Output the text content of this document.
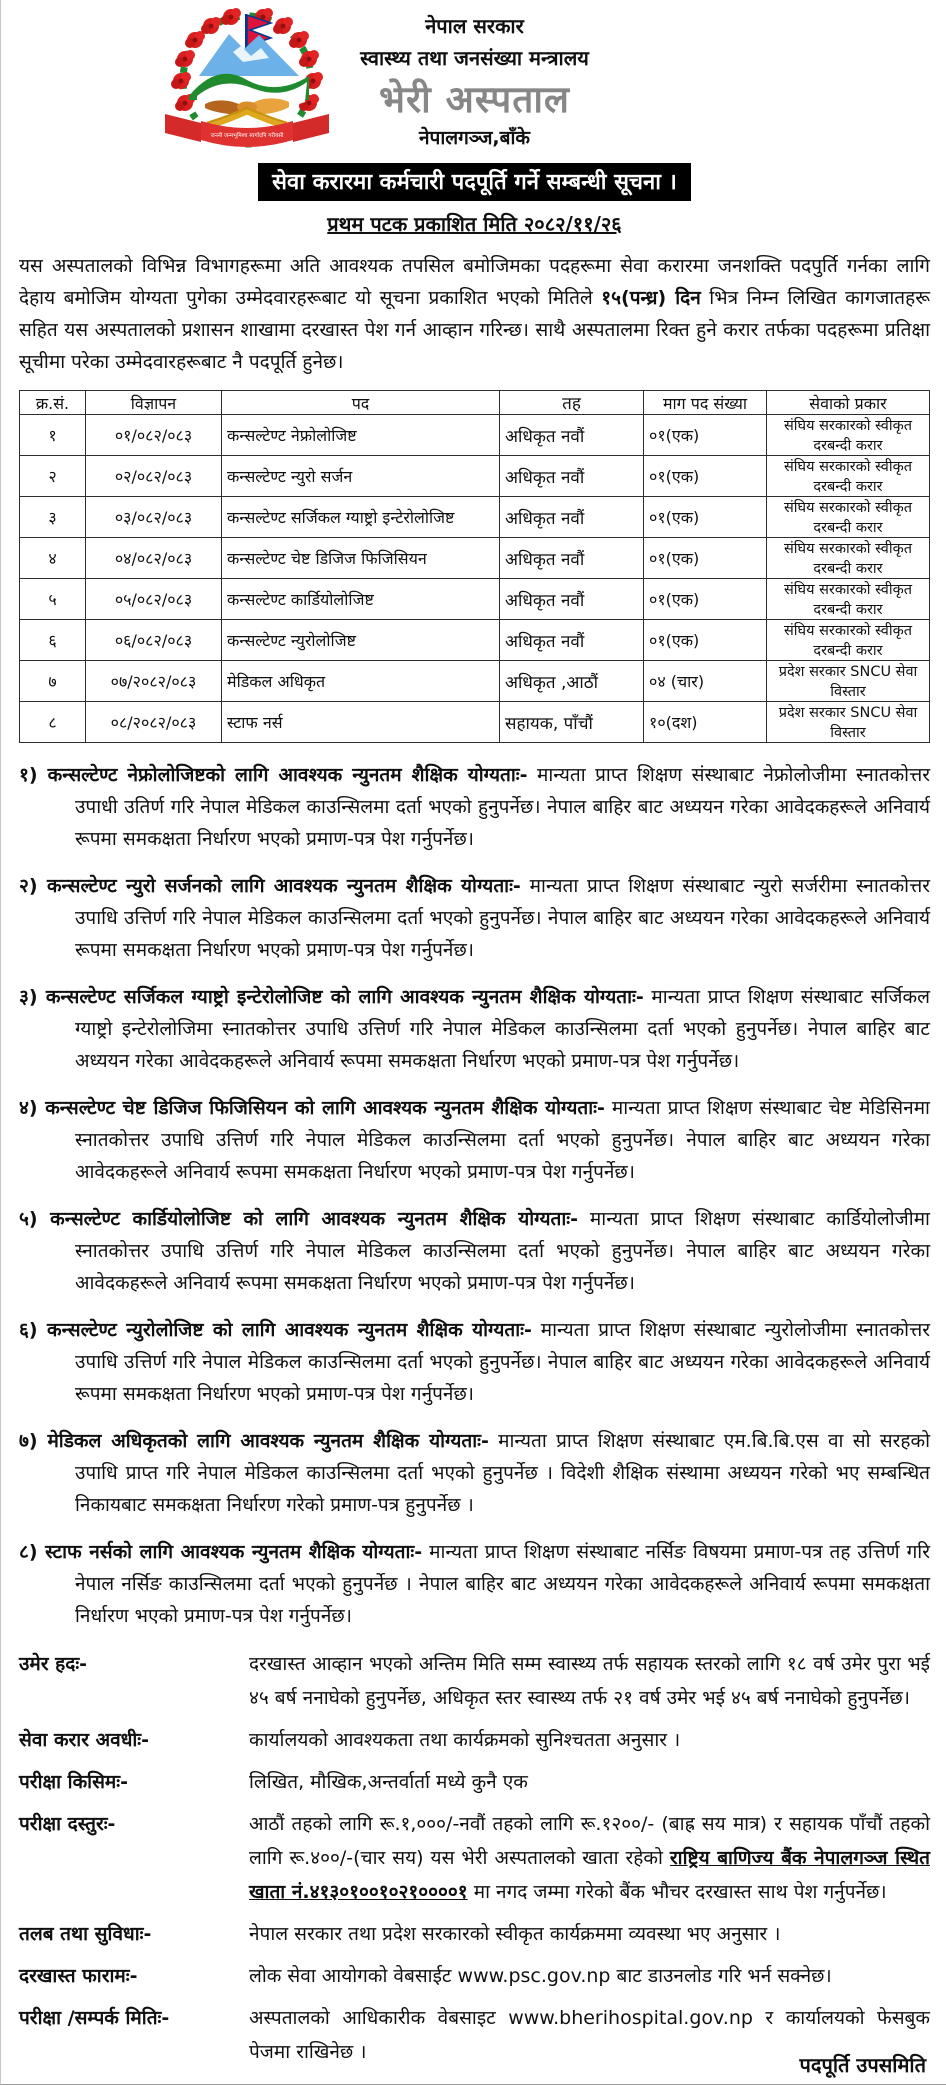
जननी जन्मभूमिश्च स्वर्गादपि गरीयसी
नेपाल सरकार
स्वास्थ्य तथा जनसंख्या मन्त्रालय
भेरी अस्पताल
नेपालगञ्ज,बाँके
सेवा करारमा कर्मचारी पदपूर्ति गर्ने सम्बन्धी सूचना ।
प्रथम पटक प्रकाशित मिति २०८२/११/२६

यस अस्पतालको विभिन्न विभागहरूमा अति आवश्यक तपसिल बमोजिमका पदहरूमा सेवा करारमा जनशक्ति पदपुर्ति गर्नका लागि देहाय बमोजिम योग्यता पुगेका उम्मेदवारहरूबाट यो सूचना प्रकाशित भएको मितिले १५(पन्ध्र) दिन भित्र निम्न लिखित कागजातहरू सहित यस अस्पतालको प्रशासन शाखामा दरखास्त पेश गर्न आव्हान गरिन्छ। साथै अस्पतालमा रिक्त हुने करार तर्फका पदहरूमा प्रतिक्षा सूचीमा परेका उम्मेदवारहरूबाट नै पदपूर्ति हुनेछ।

क्र.सं.	विज्ञापन	पद	तह	माग पद संख्या	सेवाको प्रकार
१	०१/०८२/०८३	कन्सल्टेण्ट नेफ्रोलोजिष्ट	अधिकृत नवौं	०१(एक)	संघिय सरकारको स्वीकृत दरबन्दी करार
२	०२/०८२/०८३	कन्सल्टेण्ट न्युरो सर्जन	अधिकृत नवौं	०१(एक)	संघिय सरकारको स्वीकृत दरबन्दी करार
३	०३/०८२/०८३	कन्सल्टेण्ट सर्जिकल ग्याष्ट्रो इन्टेरोलोजिष्ट	अधिकृत नवौं	०१(एक)	संघिय सरकारको स्वीकृत दरबन्दी करार
४	०४/०८२/०८३	कन्सल्टेण्ट चेष्ट डिजिज फिजिसियन	अधिकृत नवौं	०१(एक)	संघिय सरकारको स्वीकृत दरबन्दी करार
५	०५/०८२/०८३	कन्सल्टेण्ट कार्डियोलोजिष्ट	अधिकृत नवौं	०१(एक)	संघिय सरकारको स्वीकृत दरबन्दी करार
६	०६/०८२/०८३	कन्सल्टेण्ट न्युरोलोजिष्ट	अधिकृत नवौं	०१(एक)	संघिय सरकारको स्वीकृत दरबन्दी करार
७	०७/२०८२/०८३	मेडिकल अधिकृत	अधिकृत ,आठौं	०४ (चार)	प्रदेश सरकार SNCU सेवा विस्तार
८	०८/२०८२/०८३	स्टाफ नर्स	सहायक, पाँचौं	१०(दश)	प्रदेश सरकार SNCU सेवा विस्तार

१) कन्सल्टेण्ट नेफ्रोलोजिष्टको लागि आवश्यक न्युनतम शैक्षिक योग्यताः- मान्यता प्राप्त शिक्षण संस्थाबाट नेफ्रोलोजीमा स्नातकोत्तर उपाधी उतिर्ण गरि नेपाल मेडिकल काउन्सिलमा दर्ता भएको हुनुपर्नेछ। नेपाल बाहिर बाट अध्ययन गरेका आवेदकहरूले अनिवार्य रूपमा समकक्षता निर्धारण भएको प्रमाण-पत्र पेश गर्नुपर्नेछ।

२) कन्सल्टेण्ट न्युरो सर्जनको लागि आवश्यक न्युनतम शैक्षिक योग्यताः- मान्यता प्राप्त शिक्षण संस्थाबाट न्युरो सर्जरीमा स्नातकोत्तर उपाधि उत्तिर्ण गरि नेपाल मेडिकल काउन्सिलमा दर्ता भएको हुनुपर्नेछ। नेपाल बाहिर बाट अध्ययन गरेका आवेदकहरूले अनिवार्य रूपमा समकक्षता निर्धारण भएको प्रमाण-पत्र पेश गर्नुपर्नेछ।

३) कन्सल्टेण्ट सर्जिकल ग्याष्ट्रो इन्टेरोलोजिष्ट को लागि आवश्यक न्युनतम शैक्षिक योग्यताः- मान्यता प्राप्त शिक्षण संस्थाबाट सर्जिकल ग्याष्ट्रो इन्टेरोलोजिमा स्नातकोत्तर उपाधि उत्तिर्ण गरि नेपाल मेडिकल काउन्सिलमा दर्ता भएको हुनुपर्नेछ। नेपाल बाहिर बाट अध्ययन गरेका आवेदकहरूले अनिवार्य रूपमा समकक्षता निर्धारण भएको प्रमाण-पत्र पेश गर्नुपर्नेछ।

४) कन्सल्टेण्ट चेष्ट डिजिज फिजिसियन को लागि आवश्यक न्युनतम शैक्षिक योग्यताः- मान्यता प्राप्त शिक्षण संस्थाबाट चेष्ट मेडिसिनमा स्नातकोत्तर उपाधि उत्तिर्ण गरि नेपाल मेडिकल काउन्सिलमा दर्ता भएको हुनुपर्नेछ। नेपाल बाहिर बाट अध्ययन गरेका आवेदकहरूले अनिवार्य रूपमा समकक्षता निर्धारण भएको प्रमाण-पत्र पेश गर्नुपर्नेछ।

५) कन्सल्टेण्ट कार्डियोलोजिष्ट को लागि आवश्यक न्युनतम शैक्षिक योग्यताः- मान्यता प्राप्त शिक्षण संस्थाबाट कार्डियोलोजीमा स्नातकोत्तर उपाधि उत्तिर्ण गरि नेपाल मेडिकल काउन्सिलमा दर्ता भएको हुनुपर्नेछ। नेपाल बाहिर बाट अध्ययन गरेका आवेदकहरूले अनिवार्य रूपमा समकक्षता निर्धारण भएको प्रमाण-पत्र पेश गर्नुपर्नेछ।

६) कन्सल्टेण्ट न्युरोलोजिष्ट को लागि आवश्यक न्युनतम शैक्षिक योग्यताः- मान्यता प्राप्त शिक्षण संस्थाबाट न्युरोलोजीमा स्नातकोत्तर उपाधि उत्तिर्ण गरि नेपाल मेडिकल काउन्सिलमा दर्ता भएको हुनुपर्नेछ। नेपाल बाहिर बाट अध्ययन गरेका आवेदकहरूले अनिवार्य रूपमा समकक्षता निर्धारण भएको प्रमाण-पत्र पेश गर्नुपर्नेछ।

७) मेडिकल अधिकृतको लागि आवश्यक न्युनतम शैक्षिक योग्यताः- मान्यता प्राप्त शिक्षण संस्थाबाट एम.बि.बि.एस वा सो सरहको उपाधि प्राप्त गरि नेपाल मेडिकल काउन्सिलमा दर्ता भएको हुनुपर्नेछ । विदेशी शैक्षिक संस्थामा अध्ययन गरेको भए सम्बन्धित निकायबाट समकक्षता निर्धारण गरेको प्रमाण-पत्र हुनुपर्नेछ ।

८) स्टाफ नर्सको लागि आवश्यक न्युनतम शैक्षिक योग्यताः- मान्यता प्राप्त शिक्षण संस्थाबाट नर्सिङ विषयमा प्रमाण-पत्र तह उत्तिर्ण गरि नेपाल नर्सिङ काउन्सिलमा दर्ता भएको हुनुपर्नेछ । नेपाल बाहिर बाट अध्ययन गरेका आवेदकहरूले अनिवार्य रूपमा समकक्षता निर्धारण भएको प्रमाण-पत्र पेश गर्नुपर्नेछ।

उमेर हदः-	दरखास्त आव्हान भएको अन्तिम मिति सम्म स्वास्थ्य तर्फ सहायक स्तरको लागि १८ वर्ष उमेर पुरा भई ४५ बर्ष ननाघेको हुनुपर्नेछ, अधिकृत स्तर स्वास्थ्य तर्फ २१ वर्ष उमेर भई ४५ बर्ष ननाघेको हुनुपर्नेछ।
सेवा करार अवधीः-	कार्यालयको आवश्यकता तथा कार्यक्रमको सुनिश्चतता अनुसार ।
परीक्षा किसिमः-	लिखित, मौखिक,अन्तर्वार्ता मध्ये कुनै एक
परीक्षा दस्तुरः-	आठौं तहको लागि रू.१,०००/-नवौं तहको लागि रू.१२००/- (बाह्र सय मात्र) र सहायक पाँचौं तहको लागि रू.४००/-(चार सय) यस भेरी अस्पतालको खाता रहेको राष्ट्रिय बाणिज्य बैंक नेपालगञ्ज स्थित खाता नं.४१३०१००१०२१००००१ मा नगद जम्मा गरेको बैंक भौचर दरखास्त साथ पेश गर्नुपर्नेछ।
तलब तथा सुविधाः-	नेपाल सरकार तथा प्रदेश सरकारको स्वीकृत कार्यक्रममा व्यवस्था भए अनुसार ।
दरखास्त फारामः-	लोक सेवा आयोगको वेबसाईट www.psc.gov.np बाट डाउनलोड गरि भर्न सक्नेछ।
परीक्षा /सम्पर्क मितिः-	अस्पतालको आधिकारीक वेबसाइट www.bherihospital.gov.np र कार्यालयको फेसबुक पेजमा राखिनेछ ।
पदपूर्ति उपसमिति
